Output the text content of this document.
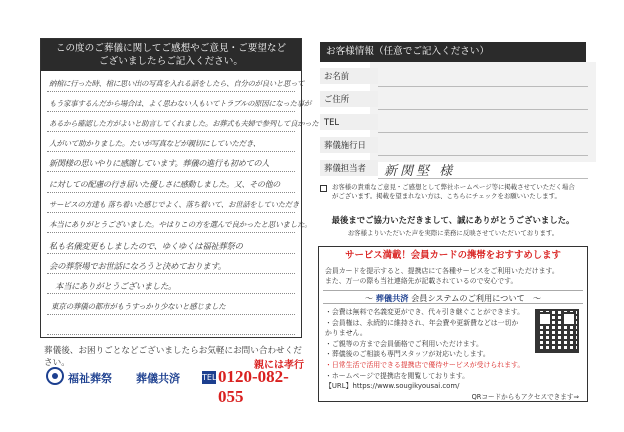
この度のご葬儀に関してご感想やご意見・ご要望など
ございましたらご記入ください。
納棺に行った時、棺に思い出の写真を入れる話をしたら、自分のが良いと思って
もう家事するんだから場合は、よく思わない人もいてトラブルの原因になった事が
あるから確認した方がよいと助言してくれました。お葬式も夫婦で参列して良かった
人がいて助かりました。たいが写真などが親切にしていただき、
新関様の思いやりに感謝しています。葬儀の進行も初めての人
に対しての配慮の行き届いた優しさに感動しました。又、その他の
サービスの方達も 落ち着いた感じでよく、落ち着いて、お世話をしていただき
本当にありがとうございました。やはりこの方を選んで良かったと思いました。
私も名儀変更もしましたので、ゆくゆくは福祉葬祭の
会の葬祭場でお世話になろうと決めております。
本当にありがとうございました。
東京の葬儀の都市がもうすっかり少ないと感じました
葬儀後、お困りごとなどございましたらお気軽にお問い合わせください。
福祉葬祭 葬儀共済	TEL 0120-082-055
親には孝行
お客様情報（任意でご記入ください）
お名前
ご住所
TEL
葬儀施行日
葬儀担当者	新関堅 様
お客様の貴重なご意見・ご感想として弊社ホームページ等に掲載させていただく場合
がございます。掲載を望まれない方は、こちらにチェックをお願いいたします。
最後までご協力いただきまして、誠にありがとうございました。
お客様よりいただいた声を実際に業務に反映させていただいております。
サービス満載！会員カードの携帯をおすすめします
会員カードを提示すると、提携店にて各種サービスをご利用いただけます。
また、万一の際も当社連絡先が記載されているので安心です。
〜 葬儀共済 会員システムのご利用について　〜
・会費は無料で名義変更ができ、代々引き継ぐことができます。
・会員権は、永続的に維持され、年会費や更新費などは一切かかりません。
・ご親等の方まで会員価格でご利用いただけます。
・葬儀後のご相談も専門スタッフが対応いたします。
・日常生活で活用できる提携店で優待サービスが受けられます。
・ホームページで提携店を閲覧しております。
【URL】https://www.sougikyousai.com/
QRコードからもアクセスできます⇒
